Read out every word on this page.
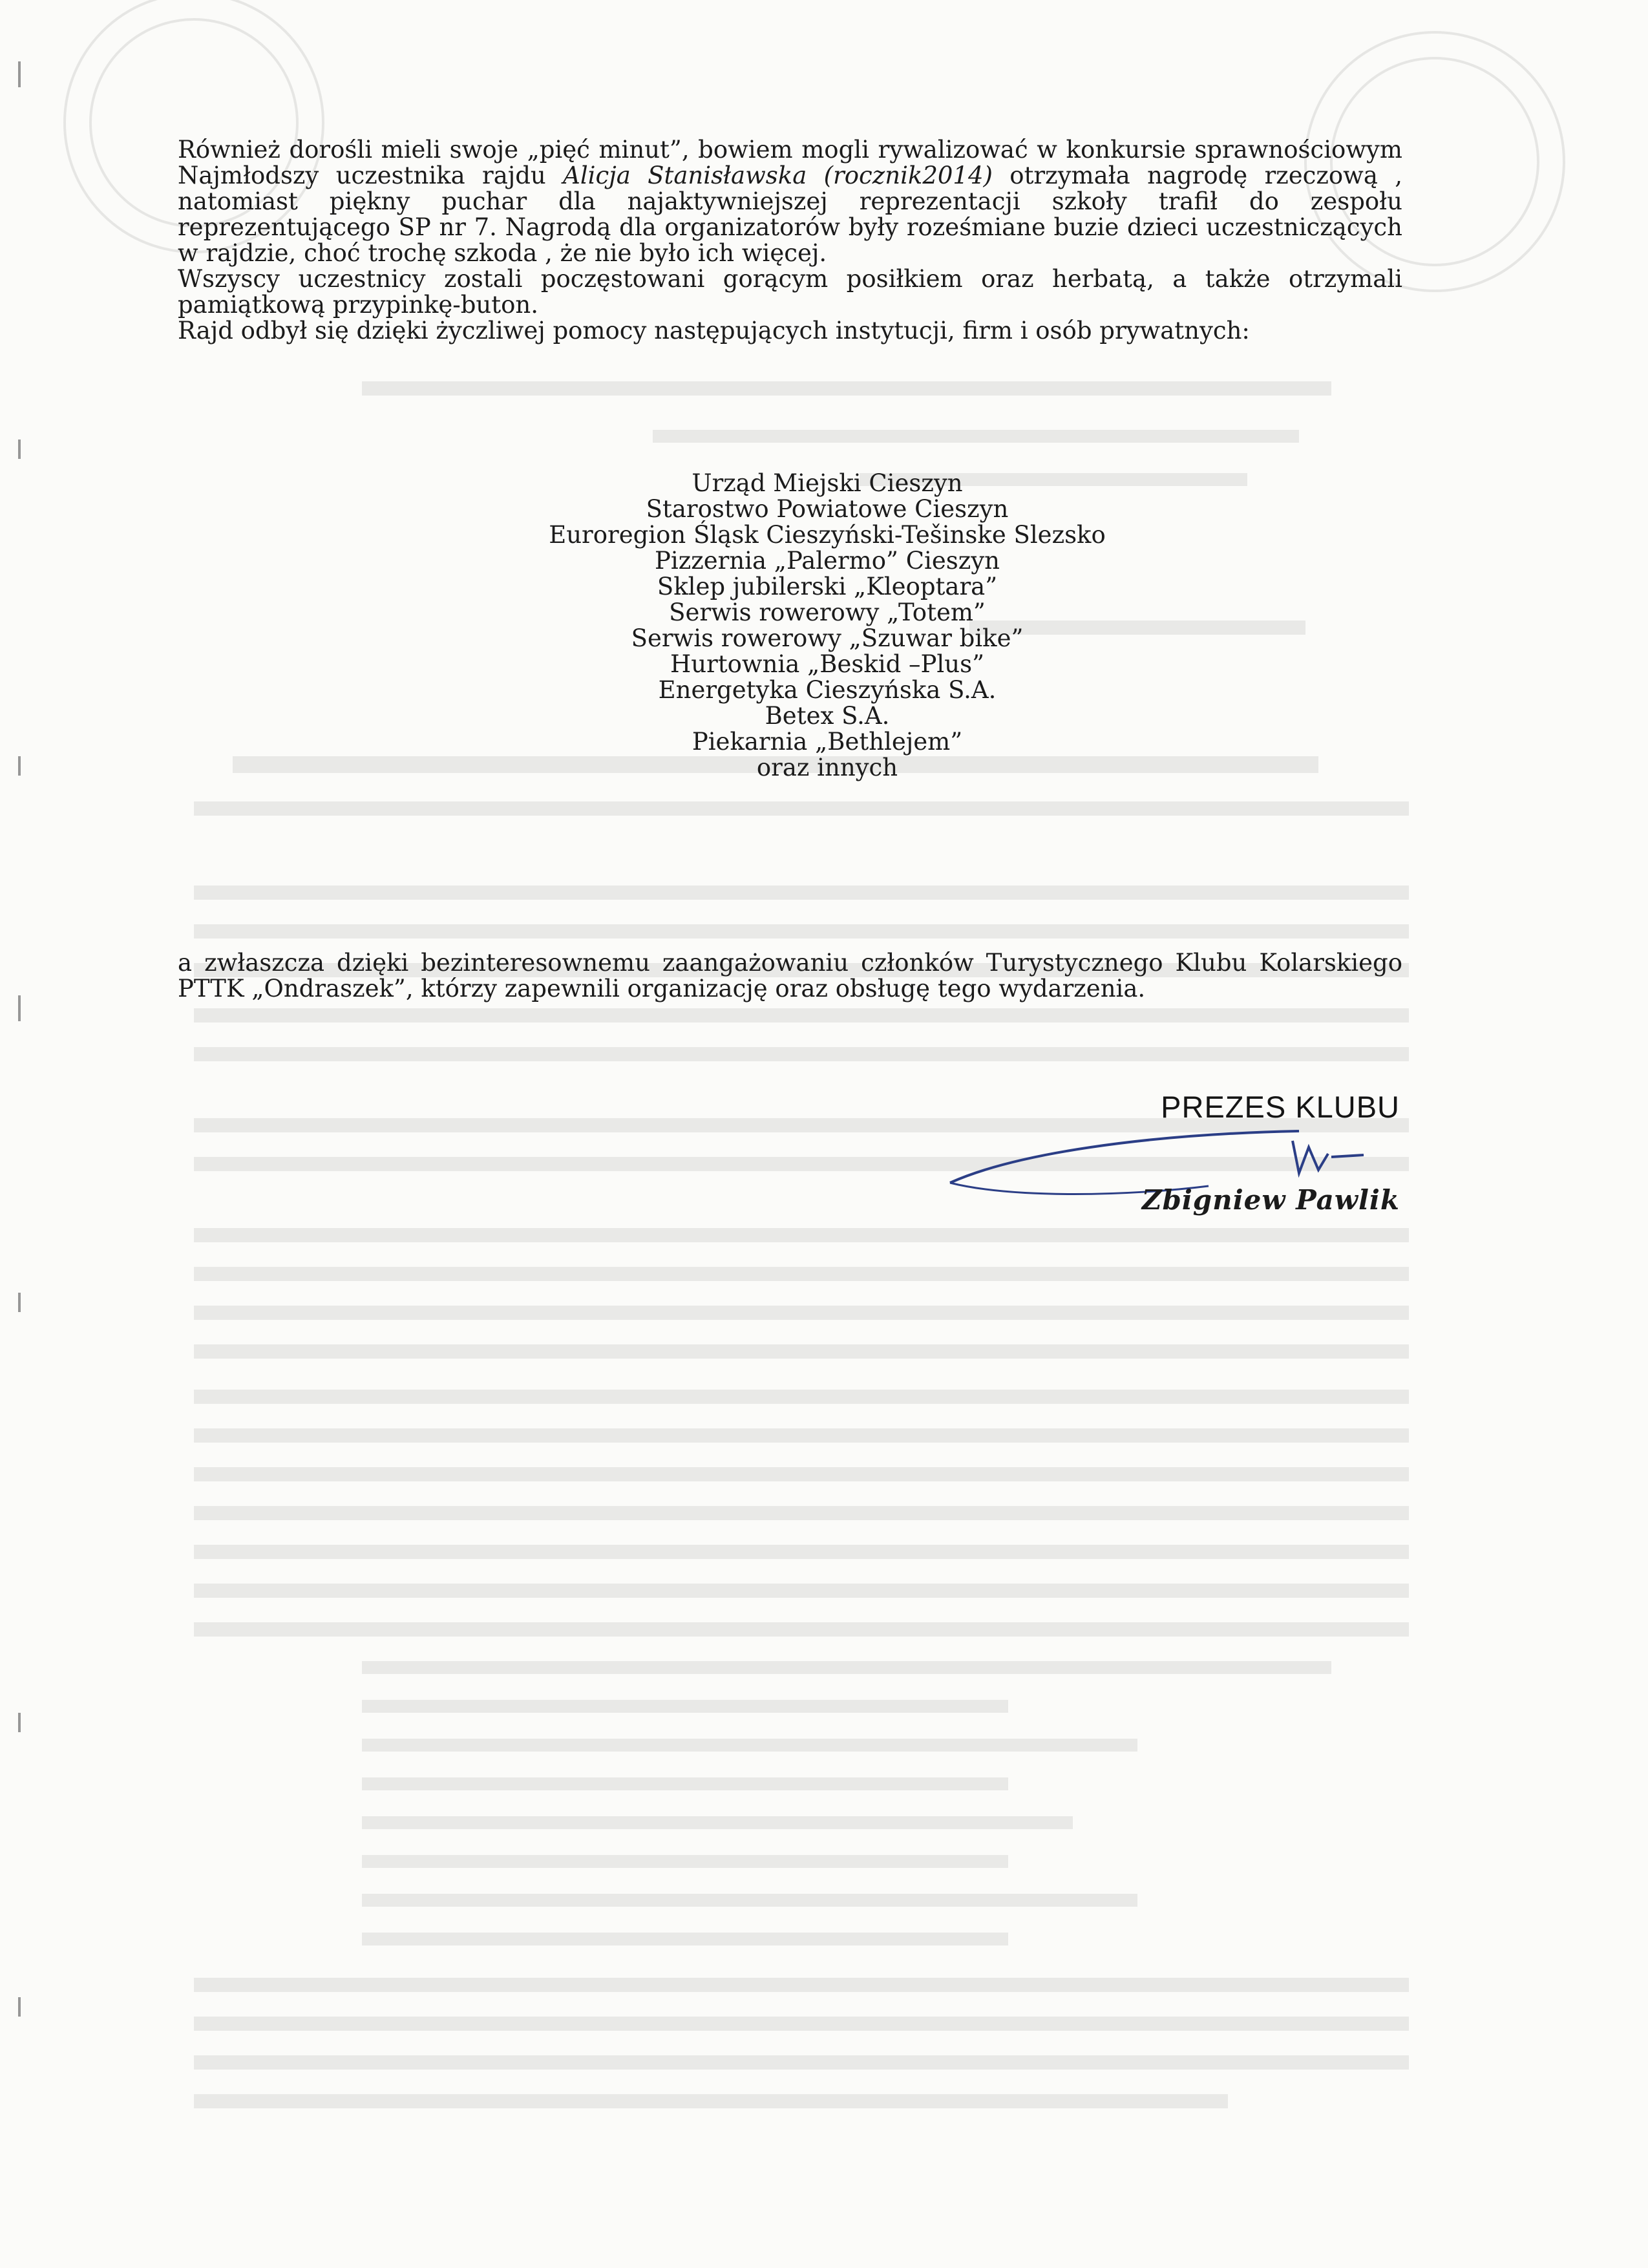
Również dorośli mieli swoje „pięć minut”, bowiem mogli rywalizować w konkursie sprawnościowym Najmłodszy uczestnika rajdu Alicja Stanisławska (rocznik2014) otrzymała nagrodę rzeczową , natomiast piękny puchar dla najaktywniejszej reprezentacji szkoły trafił do zespołu reprezentującego SP nr 7. Nagrodą dla organizatorów były roześmiane buzie dzieci uczestniczących w rajdzie, choć trochę szkoda , że nie było ich więcej.

Wszyscy uczestnicy zostali poczęstowani gorącym posiłkiem oraz herbatą, a także otrzymali pamiątkową przypinkę-buton.

Rajd odbył się dzięki życzliwej pomocy następujących instytucji, firm i osób prywatnych:

Urząd Miejski Cieszyn
Starostwo Powiatowe Cieszyn
Euroregion Śląsk Cieszyński-Tešinske Slezsko
Pizzernia „Palermo” Cieszyn
Sklep jubilerski „Kleoptara”
Serwis rowerowy „Totem”
Serwis rowerowy „Szuwar bike”
Hurtownia „Beskid –Plus”
Energetyka Cieszyńska S.A.
Betex S.A.
Piekarnia „Bethlejem”
oraz innych

a zwłaszcza dzięki bezinteresownemu zaangażowaniu członków Turystycznego Klubu Kolarskiego PTTK „Ondraszek”, którzy zapewnili organizację oraz obsługę tego wydarzenia.

PREZES KLUBU
Zbigniew Pawlik
